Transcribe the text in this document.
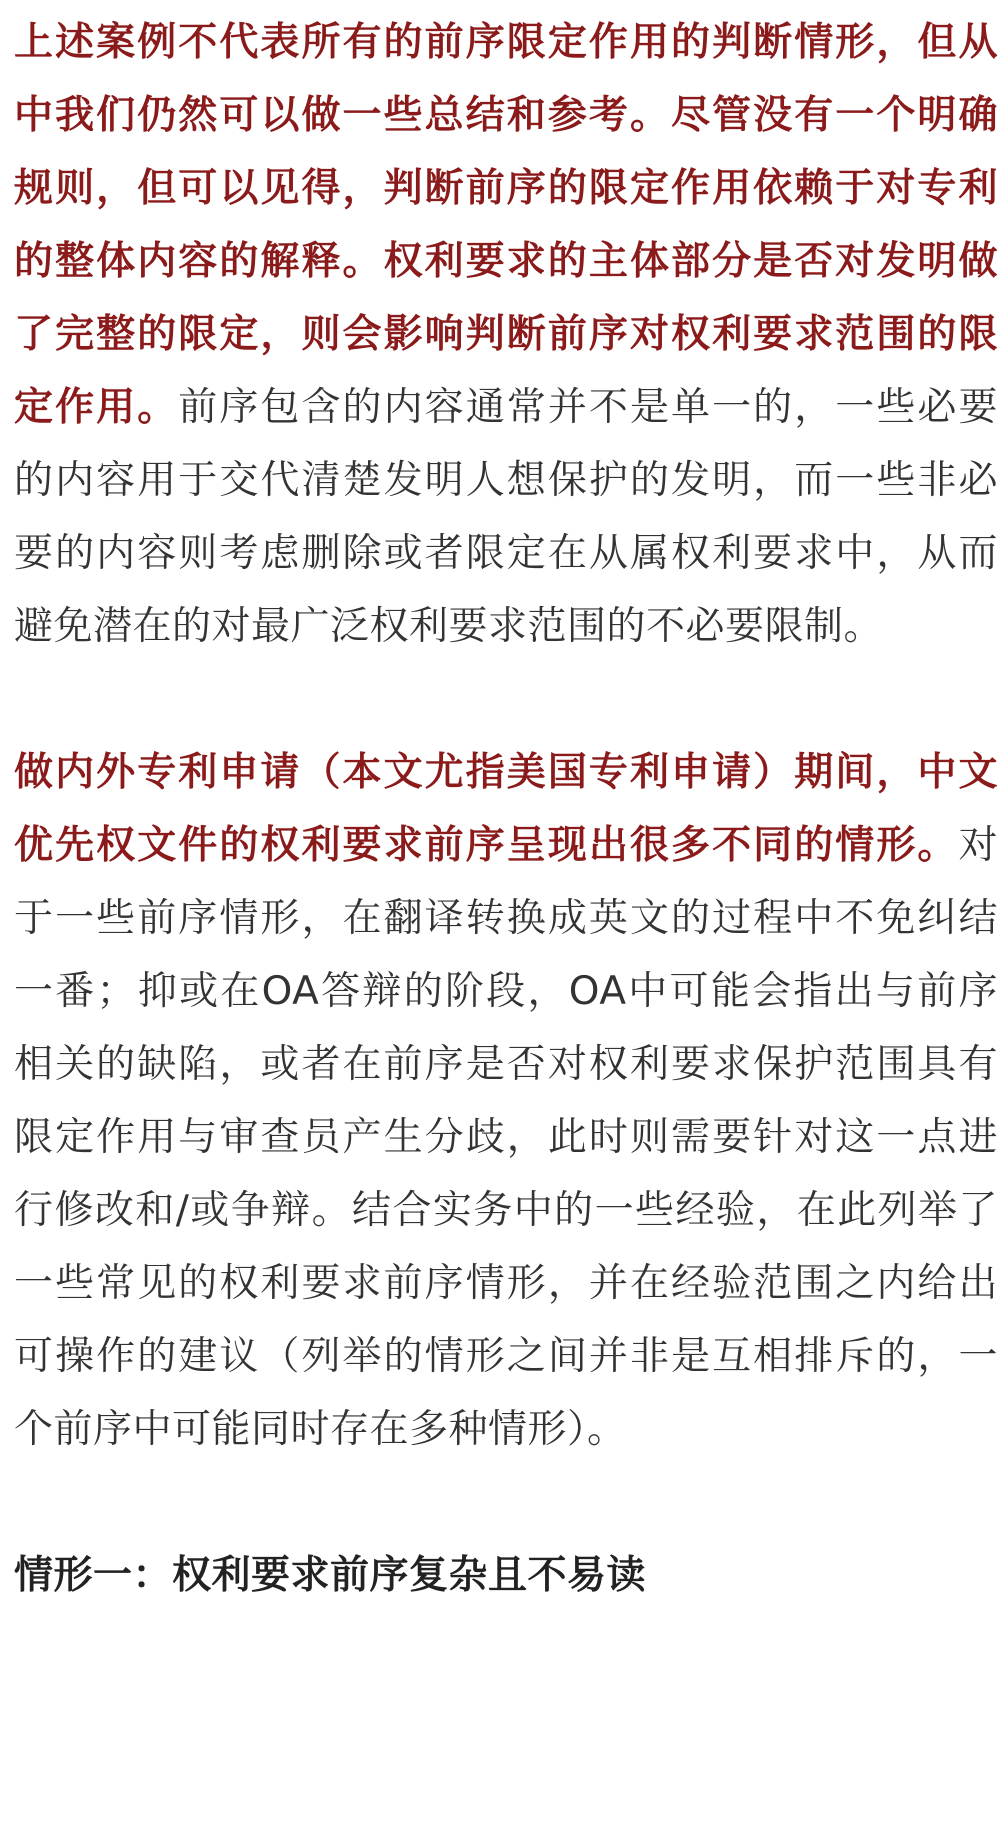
上述案例不代表所有的前序限定作用的判断情形，但从中我们仍然可以做一些总结和参考。尽管没有一个明确规则，但可以见得，判断前序的限定作用依赖于对专利的整体内容的解释。权利要求的主体部分是否对发明做了完整的限定，则会影响判断前序对权利要求范围的限定作用。前序包含的内容通常并不是单一的，一些必要的内容用于交代清楚发明人想保护的发明，而一些非必要的内容则考虑删除或者限定在从属权利要求中，从而避免潜在的对最广泛权利要求范围的不必要限制。

做内外专利申请（本文尤指美国专利申请）期间，中文优先权文件的权利要求前序呈现出很多不同的情形。对于一些前序情形，在翻译转换成英文的过程中不免纠结一番；抑或在OA答辩的阶段，OA中可能会指出与前序相关的缺陷，或者在前序是否对权利要求保护范围具有限定作用与审查员产生分歧，此时则需要针对这一点进行修改和/或争辩。结合实务中的一些经验，在此列举了一些常见的权利要求前序情形，并在经验范围之内给出可操作的建议（列举的情形之间并非是互相排斥的，一个前序中可能同时存在多种情形）。

情形一：权利要求前序复杂且不易读
